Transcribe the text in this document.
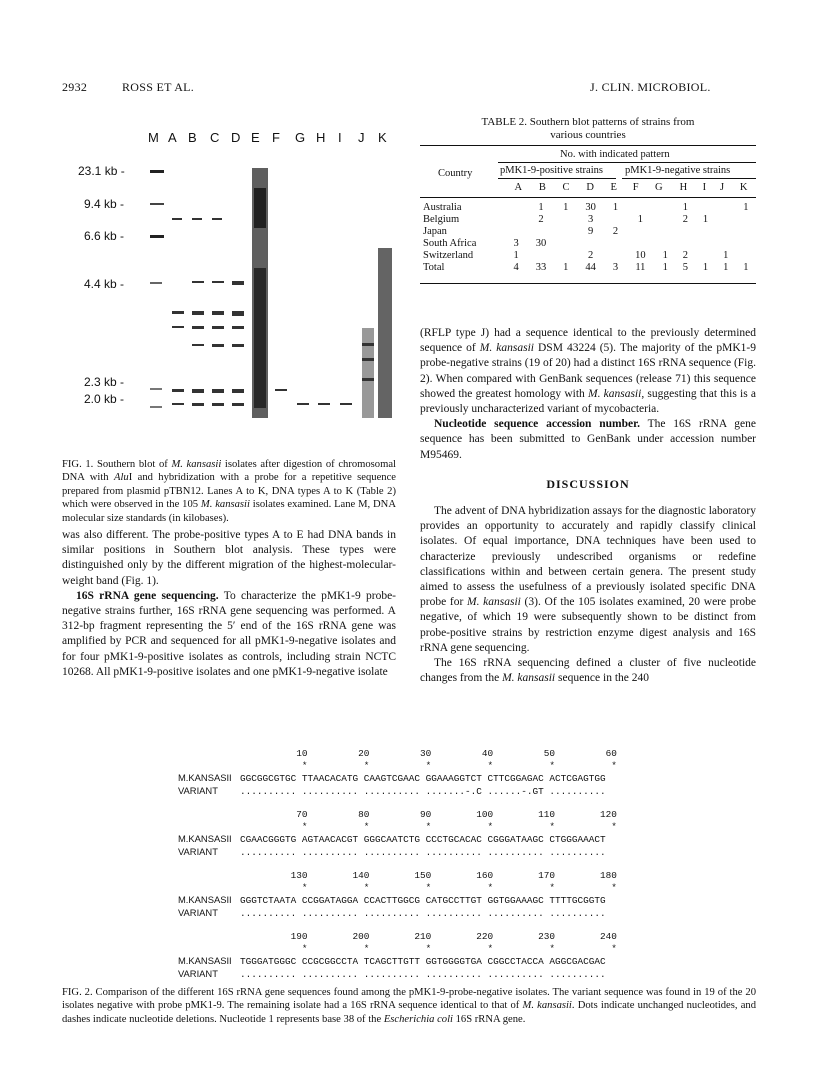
2932	ROSS ET AL.	J. CLIN. MICROBIOL.
M A B C D E F G H I J K
23.1 kb -
9.4 kb -
6.6 kb -
4.4 kb -
2.3 kb -
2.0 kb -
FIG. 1. Southern blot of M. kansasii isolates after digestion of chromosomal DNA with AluI and hybridization with a probe for a repetitive sequence prepared from plasmid pTBN12. Lanes A to K, DNA types A to K (Table 2) which were observed in the 105 M. kansasii isolates examined. Lane M, DNA molecular size standards (in kilobases).
was also different. The probe-positive types A to E had DNA bands in similar positions in Southern blot analysis. These types were distinguished only by the different migration of the highest-molecular-weight band (Fig. 1).
16S rRNA gene sequencing. To characterize the pMK1-9 probe-negative strains further, 16S rRNA gene sequencing was performed. A 312-bp fragment representing the 5′ end of the 16S rRNA gene was amplified by PCR and sequenced for all pMK1-9-negative isolates and for four pMK1-9-positive isolates as controls, including strain NCTC 10268. All pMK1-9-positive isolates and one pMK1-9-negative isolate
TABLE 2. Southern blot patterns of strains from
various countries
Country
No. with indicated pattern
pMK1-9-positive strains pMK1-9-negative strains
	A	B	C	D	E	F	G	H	I	J	K
Australia		1	1	30	1			1			1
Belgium		2		3		1		2	1		
Japan				9	2						
South Africa	3	30									
Switzerland	1			2		10	1	2		1	
Total	4	33	1	44	3	11	1	5	1	1	1
(RFLP type J) had a sequence identical to the previously determined sequence of M. kansasii DSM 43224 (5). The majority of the pMK1-9 probe-negative strains (19 of 20) had a distinct 16S rRNA sequence (Fig. 2). When compared with GenBank sequences (release 71) this sequence showed the greatest homology with M. kansasii, suggesting that this is a previously uncharacterized variant of mycobacteria.
Nucleotide sequence accession number. The 16S rRNA gene sequence has been submitted to GenBank under accession number M95469.
DISCUSSION
The advent of DNA hybridization assays for the diagnostic laboratory provides an opportunity to accurately and rapidly classify clinical isolates. Of equal importance, DNA techniques have been used to characterize previously undescribed organisms or redefine classifications within and between certain genera. The present study aimed to assess the usefulness of a previously isolated specific DNA probe for M. kansasii (3). Of the 105 isolates examined, 20 were probe negative, of which 19 were subsequently shown to be distinct from probe-positive strains by restriction enzyme digest analysis and 16S rRNA gene sequencing.
The 16S rRNA sequencing defined a cluster of five nucleotide changes from the M. kansasii sequence in the 240
10         20         30         40         50         60
*          *          *          *          *          *
M.KANSASII GGCGGCGTGC TTAACACATG CAAGTCGAAC GGAAAGGTCT CTTCGGAGAC ACTCGAGTGG
VARIANT .......... .......... .......... .......-.C ......-.GT ..........
70         80         90        100        110        120
*          *          *          *          *          *
M.KANSASII CGAACGGGTG AGTAACACGT GGGCAATCTG CCCTGCACAC CGGGATAAGC CTGGGAAACT
VARIANT .......... .......... .......... .......... .......... ..........
130        140        150        160        170        180
*          *          *          *          *          *
M.KANSASII GGGTCTAATA CCGGATAGGA CCACTTGGCG CATGCCTTGT GGTGGAAAGC TTTTGCGGTG
VARIANT .......... .......... .......... .......... .......... ..........
190        200        210        220        230        240
*          *          *          *          *          *
M.KANSASII TGGGATGGGC CCGCGGCCTA TCAGCTTGTT GGTGGGGTGA CGGCCTACCA AGGCGACGAC
VARIANT .......... .......... .......... .......... .......... ..........
FIG. 2. Comparison of the different 16S rRNA gene sequences found among the pMK1-9-probe-negative isolates. The variant sequence was found in 19 of the 20 isolates negative with probe pMK1-9. The remaining isolate had a 16S rRNA sequence identical to that of M. kansasii. Dots indicate unchanged nucleotides, and dashes indicate nucleotide deletions. Nucleotide 1 represents base 38 of the Escherichia coli 16S rRNA gene.
